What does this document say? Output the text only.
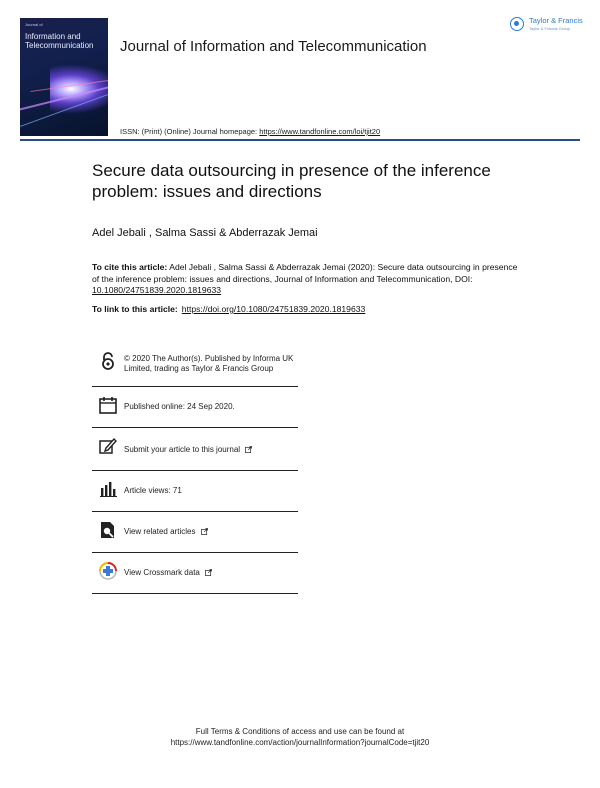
Journal of
Information and Telecommunication	Journal of Information and Telecommunication
Taylor & Francis
Taylor & Francis Group
ISSN: (Print) (Online) Journal homepage: https://www.tandfonline.com/loi/tjit20
Secure data outsourcing in presence of the inference problem: issues and directions
Adel Jebali , Salma Sassi & Abderrazak Jemai
To cite this article: Adel Jebali , Salma Sassi & Abderrazak Jemai (2020): Secure data outsourcing in presence of the inference problem: issues and directions, Journal of Information and Telecommunication, DOI: 10.1080/24751839.2020.1819633
To link to this article: https://doi.org/10.1080/24751839.2020.1819633
© 2020 The Author(s). Published by Informa UK Limited, trading as Taylor & Francis Group
Published online: 24 Sep 2020.
Submit your article to this journal
Article views: 71
View related articles
View Crossmark data
Full Terms & Conditions of access and use can be found at
https://www.tandfonline.com/action/journalInformation?journalCode=tjit20
